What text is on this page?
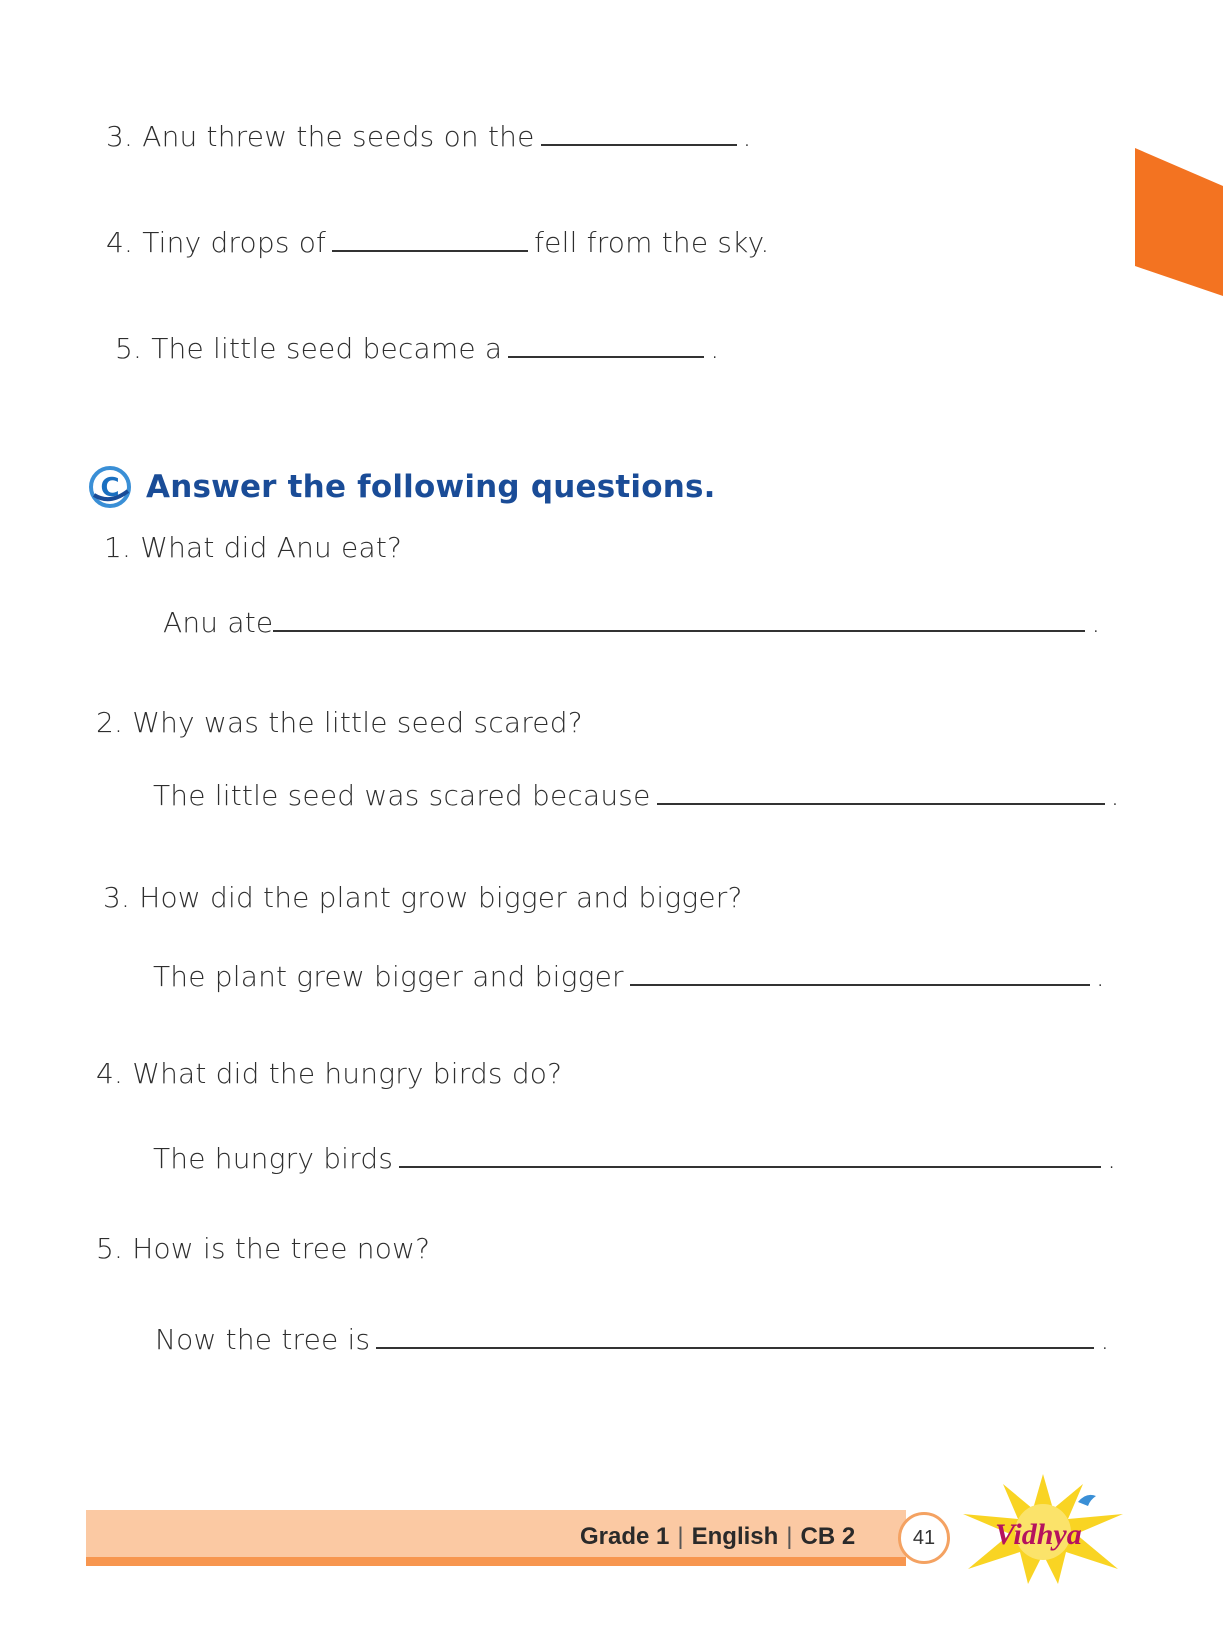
3. Anu threw the seeds on the	.
4. Tiny drops of	fell from the sky.
5. The little seed became a	.
C Answer the following questions.
1. What did Anu eat?
Anu ate	.
2. Why was the little seed scared?
The little seed was scared because	.
3. How did the plant grow bigger and bigger?
The plant grew bigger and bigger	.
4. What did the hungry birds do?
The hungry birds	.
5. How is the tree now?
Now the tree is	.
Grade 1 | English | CB 2	41	Vidhya
